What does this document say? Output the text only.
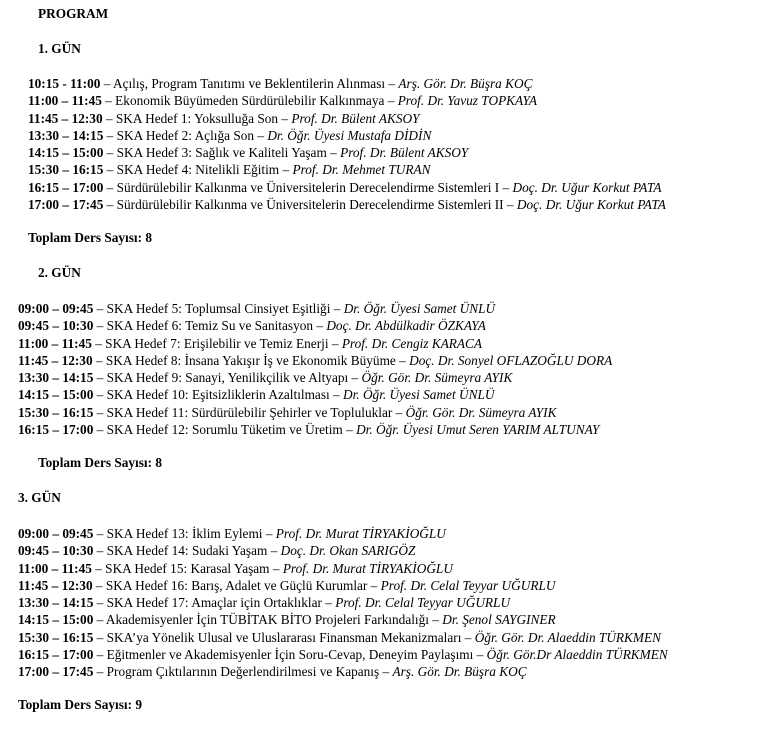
PROGRAM
1. GÜN
10:15 - 11:00 – Açılış, Program Tanıtımı ve Beklentilerin Alınması – Arş. Gör. Dr. Büşra KOÇ
11:00 – 11:45 – Ekonomik Büyümeden Sürdürülebilir Kalkınmaya – Prof. Dr. Yavuz TOPKAYA
11:45 – 12:30 – SKA Hedef 1: Yoksulluğa Son – Prof. Dr. Bülent AKSOY
13:30 – 14:15 – SKA Hedef 2: Açlığa Son – Dr. Öğr. Üyesi Mustafa DİDİN
14:15 – 15:00 – SKA Hedef 3: Sağlık ve Kaliteli Yaşam – Prof. Dr. Bülent AKSOY
15:30 – 16:15 – SKA Hedef 4: Nitelikli Eğitim – Prof. Dr. Mehmet TURAN
16:15 – 17:00 – Sürdürülebilir Kalkınma ve Üniversitelerin Derecelendirme Sistemleri I – Doç. Dr. Uğur Korkut PATA
17:00 – 17:45 – Sürdürülebilir Kalkınma ve Üniversitelerin Derecelendirme Sistemleri II – Doç. Dr. Uğur Korkut PATA
Toplam Ders Sayısı: 8
2. GÜN
09:00 – 09:45 – SKA Hedef 5: Toplumsal Cinsiyet Eşitliği – Dr. Öğr. Üyesi Samet ÜNLÜ
09:45 – 10:30 – SKA Hedef 6: Temiz Su ve Sanitasyon – Doç. Dr. Abdülkadir ÖZKAYA
11:00 – 11:45 – SKA Hedef 7: Erişilebilir ve Temiz Enerji – Prof. Dr. Cengiz KARACA
11:45 – 12:30 – SKA Hedef 8: İnsana Yakışır İş ve Ekonomik Büyüme – Doç. Dr. Sonyel OFLAZOĞLU DORA
13:30 – 14:15 – SKA Hedef 9: Sanayi, Yenilikçilik ve Altyapı – Öğr. Gör. Dr. Sümeyra AYIK
14:15 – 15:00 – SKA Hedef 10: Eşitsizliklerin Azaltılması – Dr. Öğr. Üyesi Samet ÜNLÜ
15:30 – 16:15 – SKA Hedef 11: Sürdürülebilir Şehirler ve Topluluklar – Öğr. Gör. Dr. Sümeyra AYIK
16:15 – 17:00 – SKA Hedef 12: Sorumlu Tüketim ve Üretim – Dr. Öğr. Üyesi Umut Seren YARIM ALTUNAY
Toplam Ders Sayısı: 8
3. GÜN
09:00 – 09:45 – SKA Hedef 13: İklim Eylemi – Prof. Dr. Murat TİRYAKİOĞLU
09:45 – 10:30 – SKA Hedef 14: Sudaki Yaşam – Doç. Dr. Okan SARIGÖZ
11:00 – 11:45 – SKA Hedef 15: Karasal Yaşam – Prof. Dr. Murat TİRYAKİOĞLU
11:45 – 12:30 – SKA Hedef 16: Barış, Adalet ve Güçlü Kurumlar – Prof. Dr. Celal Teyyar UĞURLU
13:30 – 14:15 – SKA Hedef 17: Amaçlar için Ortaklıklar – Prof. Dr. Celal Teyyar UĞURLU
14:15 – 15:00 – Akademisyenler İçin TÜBİTAK BİTO Projeleri Farkındalığı – Dr. Şenol SAYGINER
15:30 – 16:15 – SKA’ya Yönelik Ulusal ve Uluslararası Finansman Mekanizmaları – Öğr. Gör. Dr. Alaeddin TÜRKMEN
16:15 – 17:00 – Eğitmenler ve Akademisyenler İçin Soru-Cevap, Deneyim Paylaşımı – Öğr. Gör.Dr Alaeddin TÜRKMEN
17:00 – 17:45 – Program Çıktılarının Değerlendirilmesi ve Kapanış – Arş. Gör. Dr. Büşra KOÇ
Toplam Ders Sayısı: 9
